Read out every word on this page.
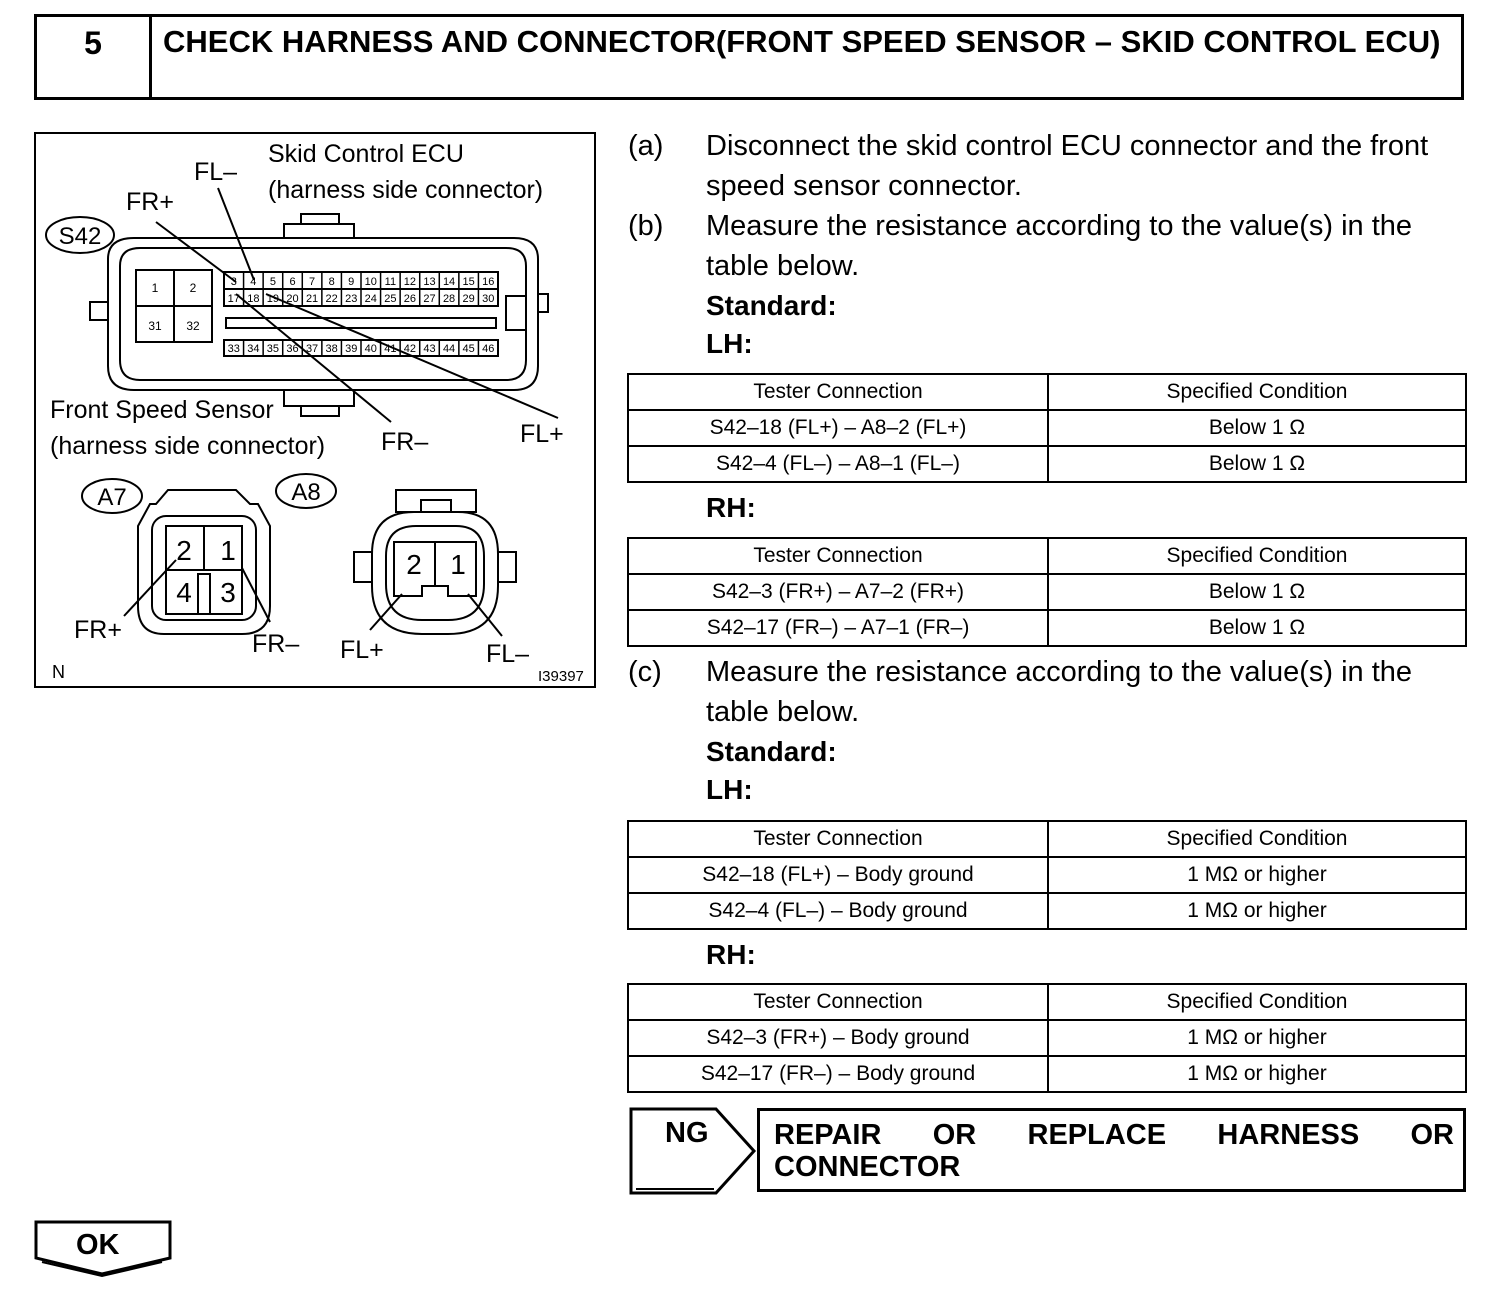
5	CHECK HARNESS AND CONNECTOR(FRONT SPEED SENSOR – SKID CONTROL ECU)
3 4 5 6 7 8 9 10 11 12 13 14 15 16
17 18 19 20 21 22 23 24 25 26 27 28 29 30
33 34 35 36 37 38 39 40 41 42 43 44 45 46
1	2
31 32
S42
A7
2 1
4 3
A8
2 1
Skid Control ECU
(harness side connector)
FL–
FR+
Front Speed Sensor
(harness side connector) FR–	FL+
FR+	FR– FL+	FL–
N	I39397
(a) Disconnect the skid control ECU connector and the front
speed sensor connector.
(b) Measure the resistance according to the value(s) in the
table below.
Standard:
LH:
Tester Connection	Specified Condition
S42–18 (FL+) – A8–2 (FL+)	Below 1 Ω
S42–4 (FL–) – A8–1 (FL–)	Below 1 Ω
RH:
Tester Connection	Specified Condition
S42–3 (FR+) – A7–2 (FR+)	Below 1 Ω
S42–17 (FR–) – A7–1 (FR–)	Below 1 Ω
(c) Measure the resistance according to the value(s) in the
table below.
Standard:
LH:
Tester Connection	Specified Condition
S42–18 (FL+) – Body ground	1 MΩ or higher
S42–4 (FL–) – Body ground	1 MΩ or higher
RH:
Tester Connection	Specified Condition
S42–3 (FR+) – Body ground	1 MΩ or higher
S42–17 (FR–) – Body ground	1 MΩ or higher
NG REPAIR OR REPLACE HARNESS OR
CONNECTOR
OK
